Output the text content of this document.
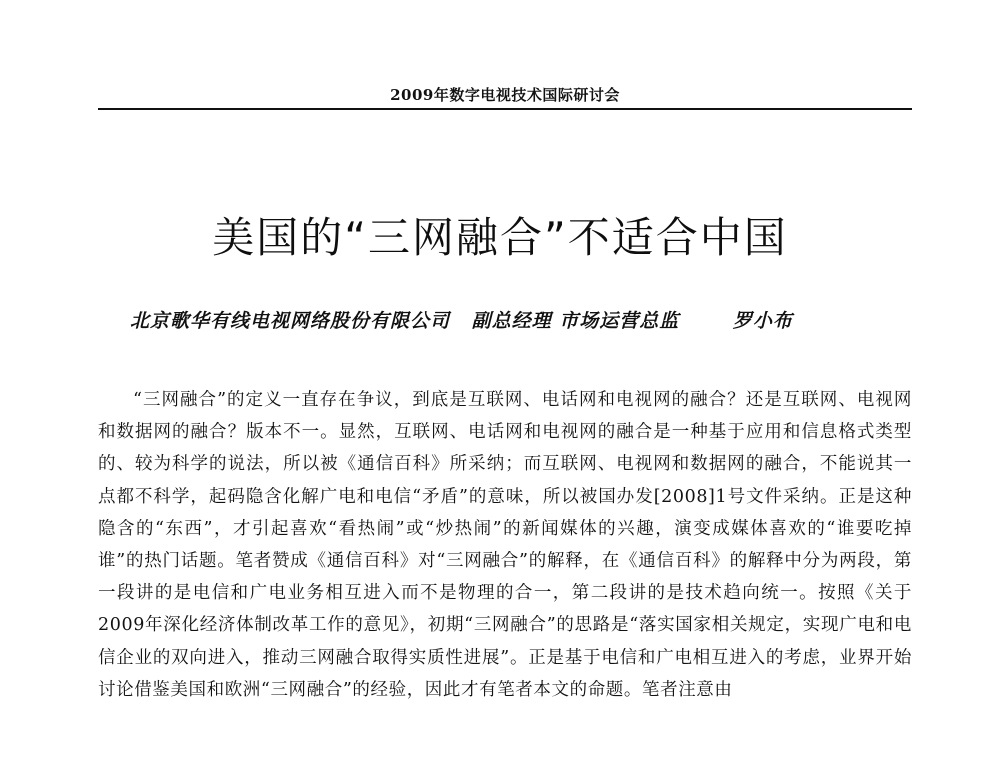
2009年数字电视技术国际研讨会
美国的“三网融合”不适合中国
北京歌华有线电视网络股份有限公司 副总经理 市场运营总监	罗小布

“三网融合”的定义一直存在争议，到底是互联网、电话网和电视网的融合？还是互联网、电视网和数据网的融合？版本不一。显然，互联网、电话网和电视网的融合是一种基于应用和信息格式类型的、较为科学的说法，所以被《通信百科》所采纳；而互联网、电视网和数据网的融合，不能说其一点都不科学，起码隐含化解广电和电信“矛盾”的意味，所以被国办发[2008]1号文件采纳。正是这种隐含的“东西”，才引起喜欢“看热闹”或“炒热闹”的新闻媒体的兴趣，演变成媒体喜欢的“谁要吃掉谁”的热门话题。笔者赞成《通信百科》对“三网融合”的解释，在《通信百科》的解释中分为两段，第一段讲的是电信和广电业务相互进入而不是物理的合一，第二段讲的是技术趋向统一。按照《关于2009年深化经济体制改革工作的意见》，初期“三网融合”的思路是“落实国家相关规定，实现广电和电信企业的双向进入，推动三网融合取得实质性进展”。正是基于电信和广电相互进入的考虑，业界开始讨论借鉴美国和欧洲“三网融合”的经验，因此才有笔者本文的命题。笔者注意由
